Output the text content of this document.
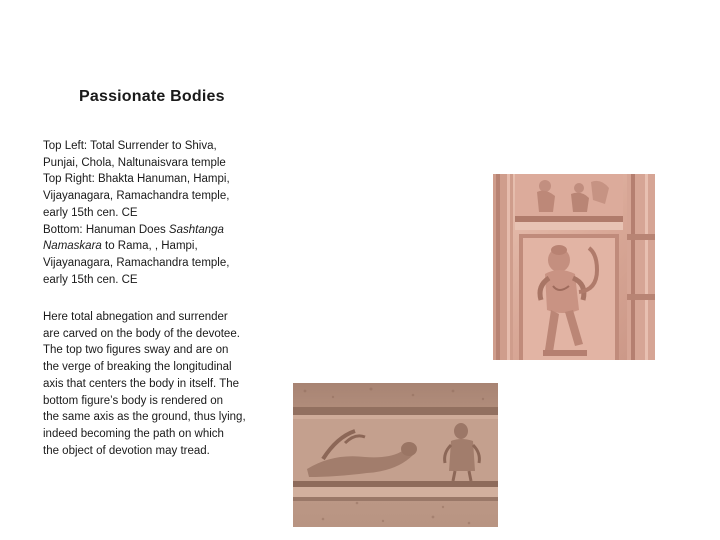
Passionate Bodies
Top Left: Total Surrender to Shiva,
Punjai, Chola, Naltunaisvara temple
Top Right: Bhakta Hanuman, Hampi,
Vijayanagara, Ramachandra temple,
early 15th cen. CE
Bottom: Hanuman Does Sashtanga
Namaskara to Rama, , Hampi,
Vijayanagara, Ramachandra temple,
early 15th cen. CE
Here total abnegation and surrender
are carved on the body of the devotee.
The top two figures sway and are on
the verge of breaking the longitudinal
axis that centers the body in itself. The
bottom figure’s body is rendered on
the same axis as the ground, thus lying,
indeed becoming the path on which
the object of devotion may tread.
